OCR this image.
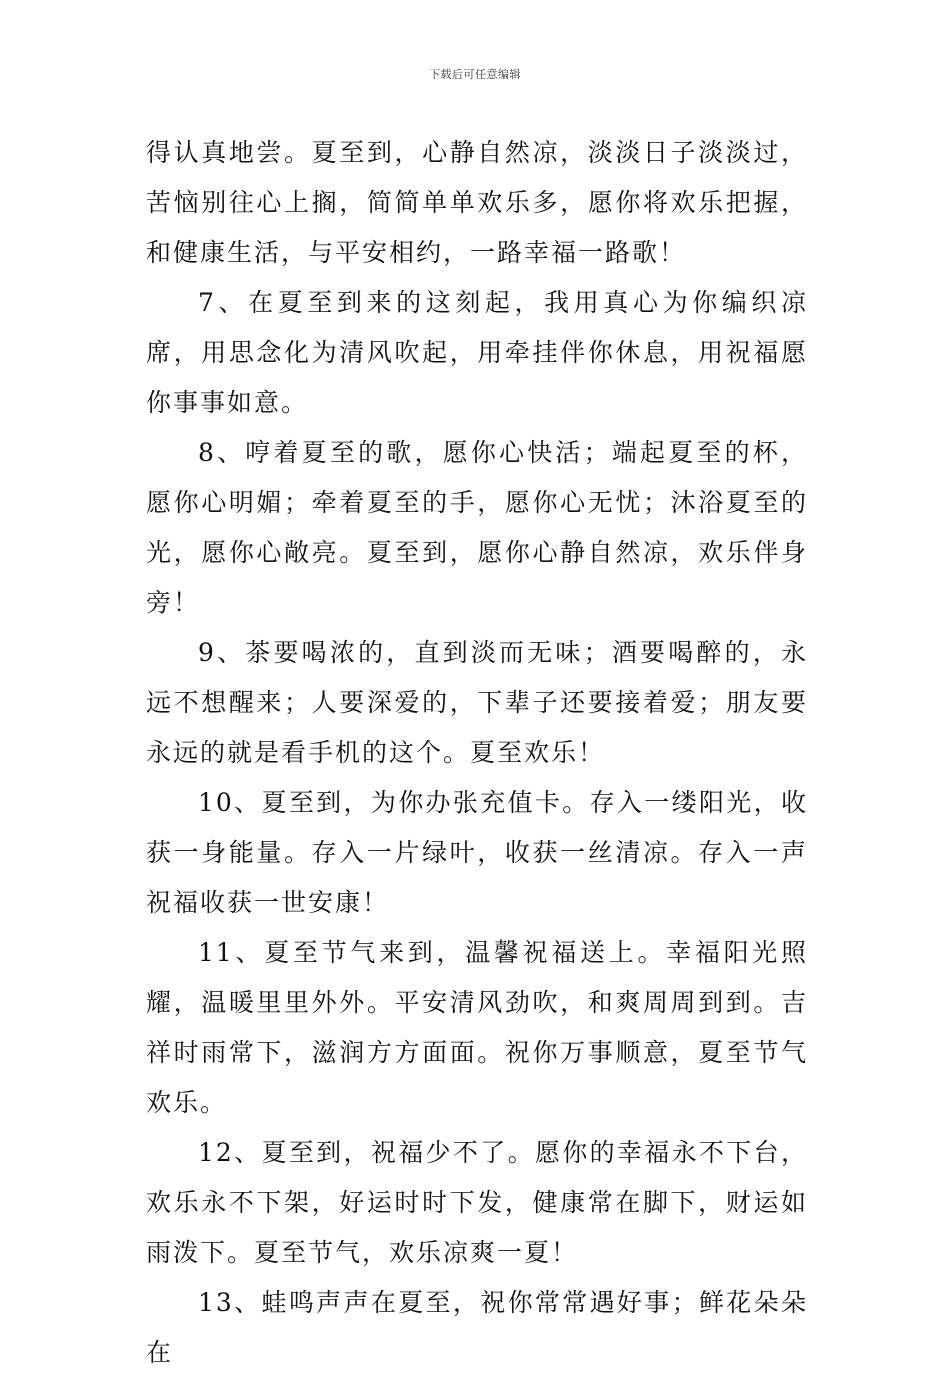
下载后可任意编辑

得认真地尝。夏至到，心静自然凉，淡淡日子淡淡过，苦恼别往心上搁，简简单单欢乐多，愿你将欢乐把握，和健康生活，与平安相约，一路幸福一路歌！

7、在夏至到来的这刻起，我用真心为你编织凉席，用思念化为清风吹起，用牵挂伴你休息，用祝福愿你事事如意。

8、哼着夏至的歌，愿你心快活；端起夏至的杯，愿你心明媚；牵着夏至的手，愿你心无忧；沐浴夏至的光，愿你心敞亮。夏至到，愿你心静自然凉，欢乐伴身旁！

9、茶要喝浓的，直到淡而无味；酒要喝醉的，永远不想醒来；人要深爱的，下辈子还要接着爱；朋友要永远的就是看手机的这个。夏至欢乐！

10、夏至到，为你办张充值卡。存入一缕阳光，收获一身能量。存入一片绿叶，收获一丝清凉。存入一声祝福收获一世安康！

11、夏至节气来到，温馨祝福送上。幸福阳光照耀，温暖里里外外。平安清风劲吹，和爽周周到到。吉祥时雨常下，滋润方方面面。祝你万事顺意，夏至节气欢乐。

12、夏至到，祝福少不了。愿你的幸福永不下台，欢乐永不下架，好运时时下发，健康常在脚下，财运如雨泼下。夏至节气，欢乐凉爽一夏！

13、蛙鸣声声在夏至，祝你常常遇好事；鲜花朵朵在
